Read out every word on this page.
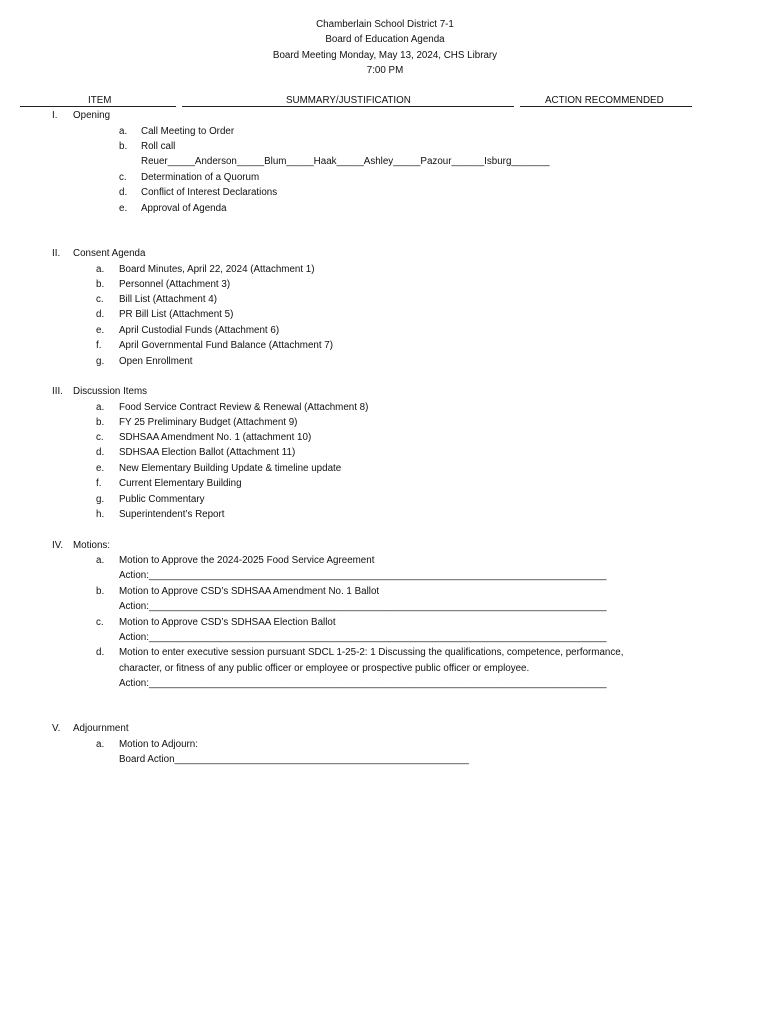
Chamberlain School District 7-1
Board of Education Agenda
Board Meeting Monday, May 13, 2024, CHS Library
7:00 PM
ITEM	SUMMARY/JUSTIFICATION	ACTION RECOMMENDED
I. Opening
a. Call Meeting to Order
b. Roll call
Reuer_____Anderson_____Blum_____Haak_____Ashley_____Pazour______Isburg_______
c. Determination of a Quorum
d. Conflict of Interest Declarations
e. Approval of Agenda
II. Consent Agenda
a. Board Minutes, April 22, 2024 (Attachment 1)
b. Personnel (Attachment 3)
c. Bill List (Attachment 4)
d. PR Bill List (Attachment 5)
e. April Custodial Funds (Attachment 6)
f. April Governmental Fund Balance (Attachment 7)
g. Open Enrollment
III. Discussion Items
a. Food Service Contract Review & Renewal (Attachment 8)
b. FY 25 Preliminary Budget (Attachment 9)
c. SDHSAA Amendment No. 1 (attachment 10)
d. SDHSAA Election Ballot (Attachment 11)
e. New Elementary Building Update & timeline update
f. Current Elementary Building
g. Public Commentary
h. Superintendent’s Report
IV. Motions:
a. Motion to Approve the 2024-2025 Food Service Agreement
Action:____________________________________________________________________________________
b. Motion to Approve CSD’s SDHSAA Amendment No. 1 Ballot
Action:____________________________________________________________________________________
c. Motion to Approve CSD’s SDHSAA Election Ballot
Action:____________________________________________________________________________________
d. Motion to enter executive session pursuant SDCL 1-25-2: 1 Discussing the qualifications, competence, performance,
character, or fitness of any public officer or employee or prospective public officer or employee.
Action:____________________________________________________________________________________
V. Adjournment
a. Motion to Adjourn:
Board Action______________________________________________________
